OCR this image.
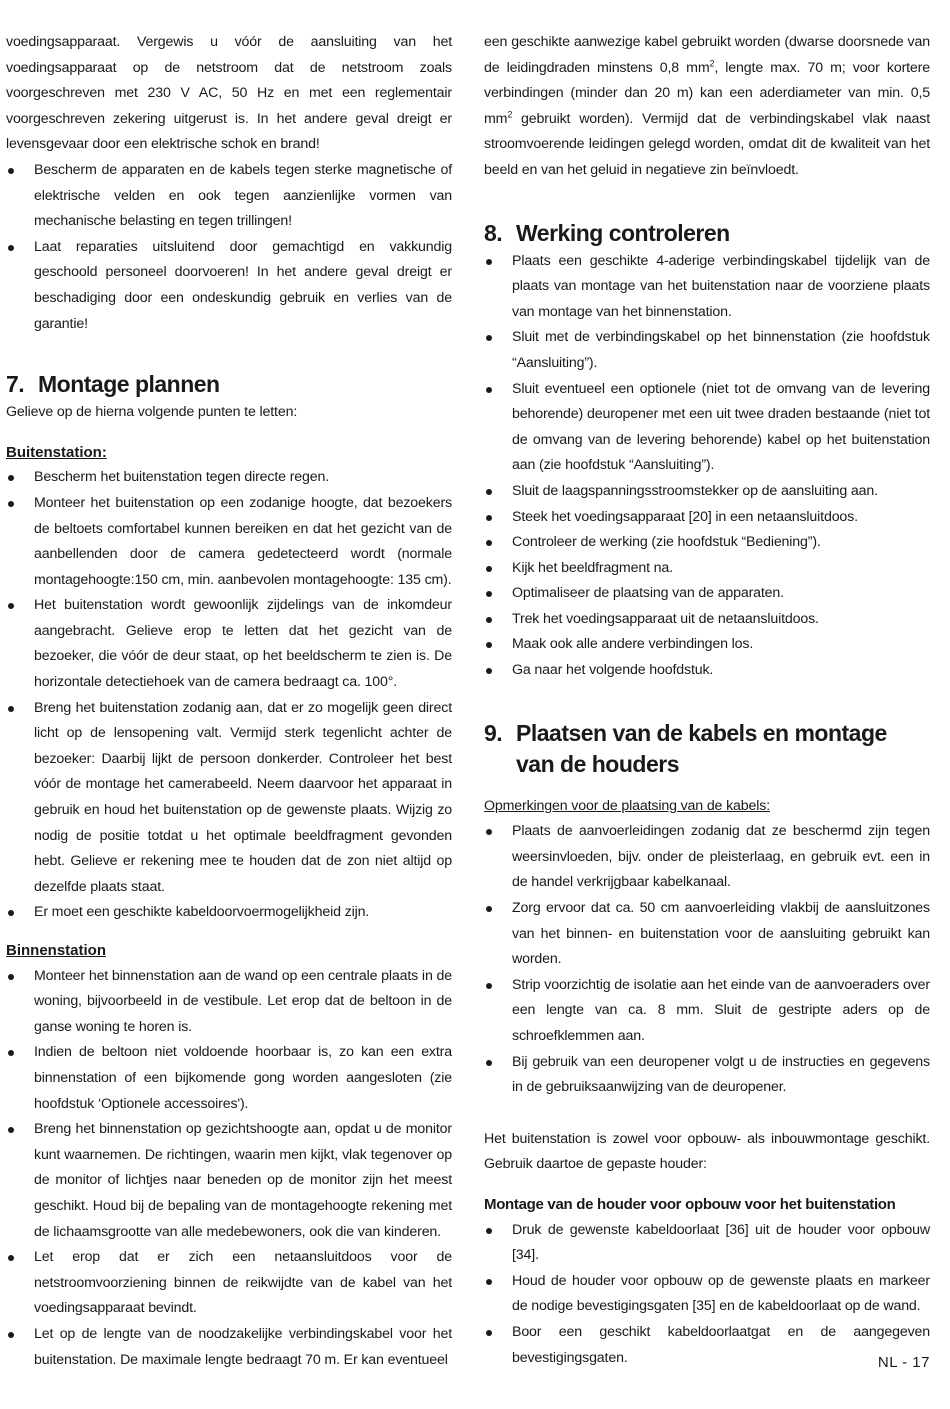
voedingsapparaat. Vergewis u vóór de aansluiting van het voedingsapparaat op de netstroom dat de netstroom zoals voorgeschreven met 230 V AC, 50 Hz en met een reglementair voorgeschreven zekering uitgerust is. In het andere geval dreigt er levensgevaar door een elektrische schok en brand!

Bescherm de apparaten en de kabels tegen sterke magnetische of elektrische velden en ook tegen aanzienlijke vormen van mechanische belasting en tegen trillingen!
Laat reparaties uitsluitend door gemachtigd en vakkundig geschoold personeel doorvoeren! In het andere geval dreigt er beschadiging door een ondeskundig gebruik en verlies van de garantie!
7. Montage plannen

Gelieve op de hierna volgende punten te letten:

Buitenstation:
Bescherm het buitenstation tegen directe regen.
Monteer het buitenstation op een zodanige hoogte, dat bezoekers de beltoets comfortabel kunnen bereiken en dat het gezicht van de aanbellenden door de camera gedetecteerd wordt (normale montagehoogte:150 cm, min. aanbevolen montagehoogte: 135 cm).
Het buitenstation wordt gewoonlijk zijdelings van de inkomdeur aangebracht. Gelieve erop te letten dat het gezicht van de bezoeker, die vóór de deur staat, op het beeldscherm te zien is. De horizontale detectiehoek van de camera bedraagt ca. 100°.
Breng het buitenstation zodanig aan, dat er zo mogelijk geen direct licht op de lensopening valt. Vermijd sterk tegenlicht achter de bezoeker: Daarbij lijkt de persoon donkerder. Controleer het best vóór de montage het camerabeeld. Neem daarvoor het apparaat in gebruik en houd het buitenstation op de gewenste plaats. Wijzig zo nodig de positie totdat u het optimale beeldfragment gevonden hebt. Gelieve er rekening mee te houden dat de zon niet altijd op dezelfde plaats staat.
Er moet een geschikte kabeldoorvoermogelijkheid zijn.
Binnenstation
Monteer het binnenstation aan de wand op een centrale plaats in de woning, bijvoorbeeld in de vestibule. Let erop dat de beltoon in de ganse woning te horen is.
Indien de beltoon niet voldoende hoorbaar is, zo kan een extra binnenstation of een bijkomende gong worden aangesloten (zie hoofdstuk ‘Optionele accessoires').
Breng het binnenstation op gezichtshoogte aan, opdat u de monitor kunt waarnemen. De richtingen, waarin men kijkt, vlak tegenover op de monitor of lichtjes naar beneden op de monitor zijn het meest geschikt. Houd bij de bepaling van de montagehoogte rekening met de lichaamsgrootte van alle medebewoners, ook die van kinderen.
Let erop dat er zich een netaansluitdoos voor de netstroomvoorziening binnen de reikwijdte van de kabel van het voedingsapparaat bevindt.
Let op de lengte van de noodzakelijke verbindingskabel voor het buitenstation. De maximale lengte bedraagt 70 m. Er kan eventueel

een geschikte aanwezige kabel gebruikt worden (dwarse doorsnede van de leidingdraden minstens 0,8 $mm^2$, lengte max. 70 m; voor kortere verbindingen (minder dan 20 m) kan een aderdiameter van min. 0,5 $mm^2$ gebruikt worden). Vermijd dat de verbindingskabel vlak naast stroomvoerende leidingen gelegd worden, omdat dit de kwaliteit van het beeld en van het geluid in negatieve zin beïnvloedt.

8. Werking controleren
Plaats een geschikte 4-aderige verbindingskabel tijdelijk van de plaats van montage van het buitenstation naar de voorziene plaats van montage van het binnenstation.
Sluit met de verbindingskabel op het binnenstation (zie hoofdstuk “Aansluiting”).
Sluit eventueel een optionele (niet tot de omvang van de levering behorende) deuropener met een uit twee draden bestaande (niet tot de omvang van de levering behorende) kabel op het buitenstation aan (zie hoofdstuk “Aansluiting”).
Sluit de laagspanningsstroomstekker op de aansluiting aan.
Steek het voedingsapparaat [20] in een netaansluitdoos.
Controleer de werking (zie hoofdstuk “Bediening”).
Kijk het beeldfragment na.
Optimaliseer de plaatsing van de apparaten.
Trek het voedingsapparaat uit de netaansluitdoos.
Maak ook alle andere verbindingen los.
Ga naar het volgende hoofdstuk.
9. Plaatsen van de kabels en montage van de houders

Opmerkingen voor de plaatsing van de kabels:

Plaats de aanvoerleidingen zodanig dat ze beschermd zijn tegen weersinvloeden, bijv. onder de pleisterlaag, en gebruik evt. een in de handel verkrijgbaar kabelkanaal.
Zorg ervoor dat ca. 50 cm aanvoerleiding vlakbij de aansluitzones van het binnen- en buitenstation voor de aansluiting gebruikt kan worden.
Strip voorzichtig de isolatie aan het einde van de aanvoeraders over een lengte van ca. 8 mm. Sluit de gestripte aders op de schroefklemmen aan.
Bij gebruik van een deuropener volgt u de instructies en gegevens in de gebruiksaanwijzing van de deuropener.

Het buitenstation is zowel voor opbouw- als inbouwmontage geschikt. Gebruik daartoe de gepaste houder:

Montage van de houder voor opbouw voor het buitenstation
Druk de gewenste kabeldoorlaat [36] uit de houder voor opbouw [34].
Houd de houder voor opbouw op de gewenste plaats en markeer de nodige bevestigingsgaten [35] en de kabeldoorlaat op de wand.
Boor een geschikt kabeldoorlaatgat en de aangegeven bevestigingsgaten.	NL - 17
